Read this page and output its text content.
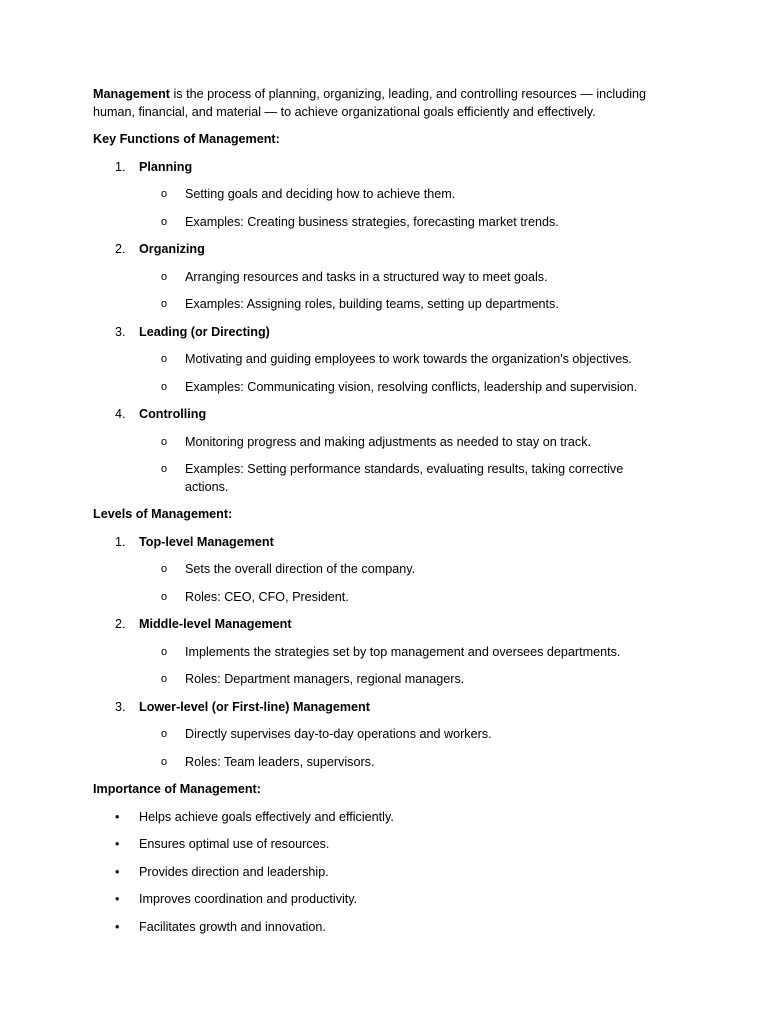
Management is the process of planning, organizing, leading, and controlling resources — including human, financial, and material — to achieve organizational goals efficiently and effectively.

Key Functions of Management:
1.	Planning
o Setting goals and deciding how to achieve them.
o Examples: Creating business strategies, forecasting market trends.
2.	Organizing
o Arranging resources and tasks in a structured way to meet goals.
o Examples: Assigning roles, building teams, setting up departments.
3.	Leading (or Directing)
o Motivating and guiding employees to work towards the organization's objectives.
o Examples: Communicating vision, resolving conflicts, leadership and supervision.
4.	Controlling
o Monitoring progress and making adjustments as needed to stay on track.
o Examples: Setting performance standards, evaluating results, taking corrective actions.
Levels of Management:
1.	Top-level Management
o Sets the overall direction of the company.
o Roles: CEO, CFO, President.
2.	Middle-level Management
o Implements the strategies set by top management and oversees departments.
o Roles: Department managers, regional managers.
3.	Lower-level (or First-line) Management
o Directly supervises day-to-day operations and workers.
o Roles: Team leaders, supervisors.
Importance of Management:
• Helps achieve goals effectively and efficiently.
• Ensures optimal use of resources.
• Provides direction and leadership.
• Improves coordination and productivity.
• Facilitates growth and innovation.
